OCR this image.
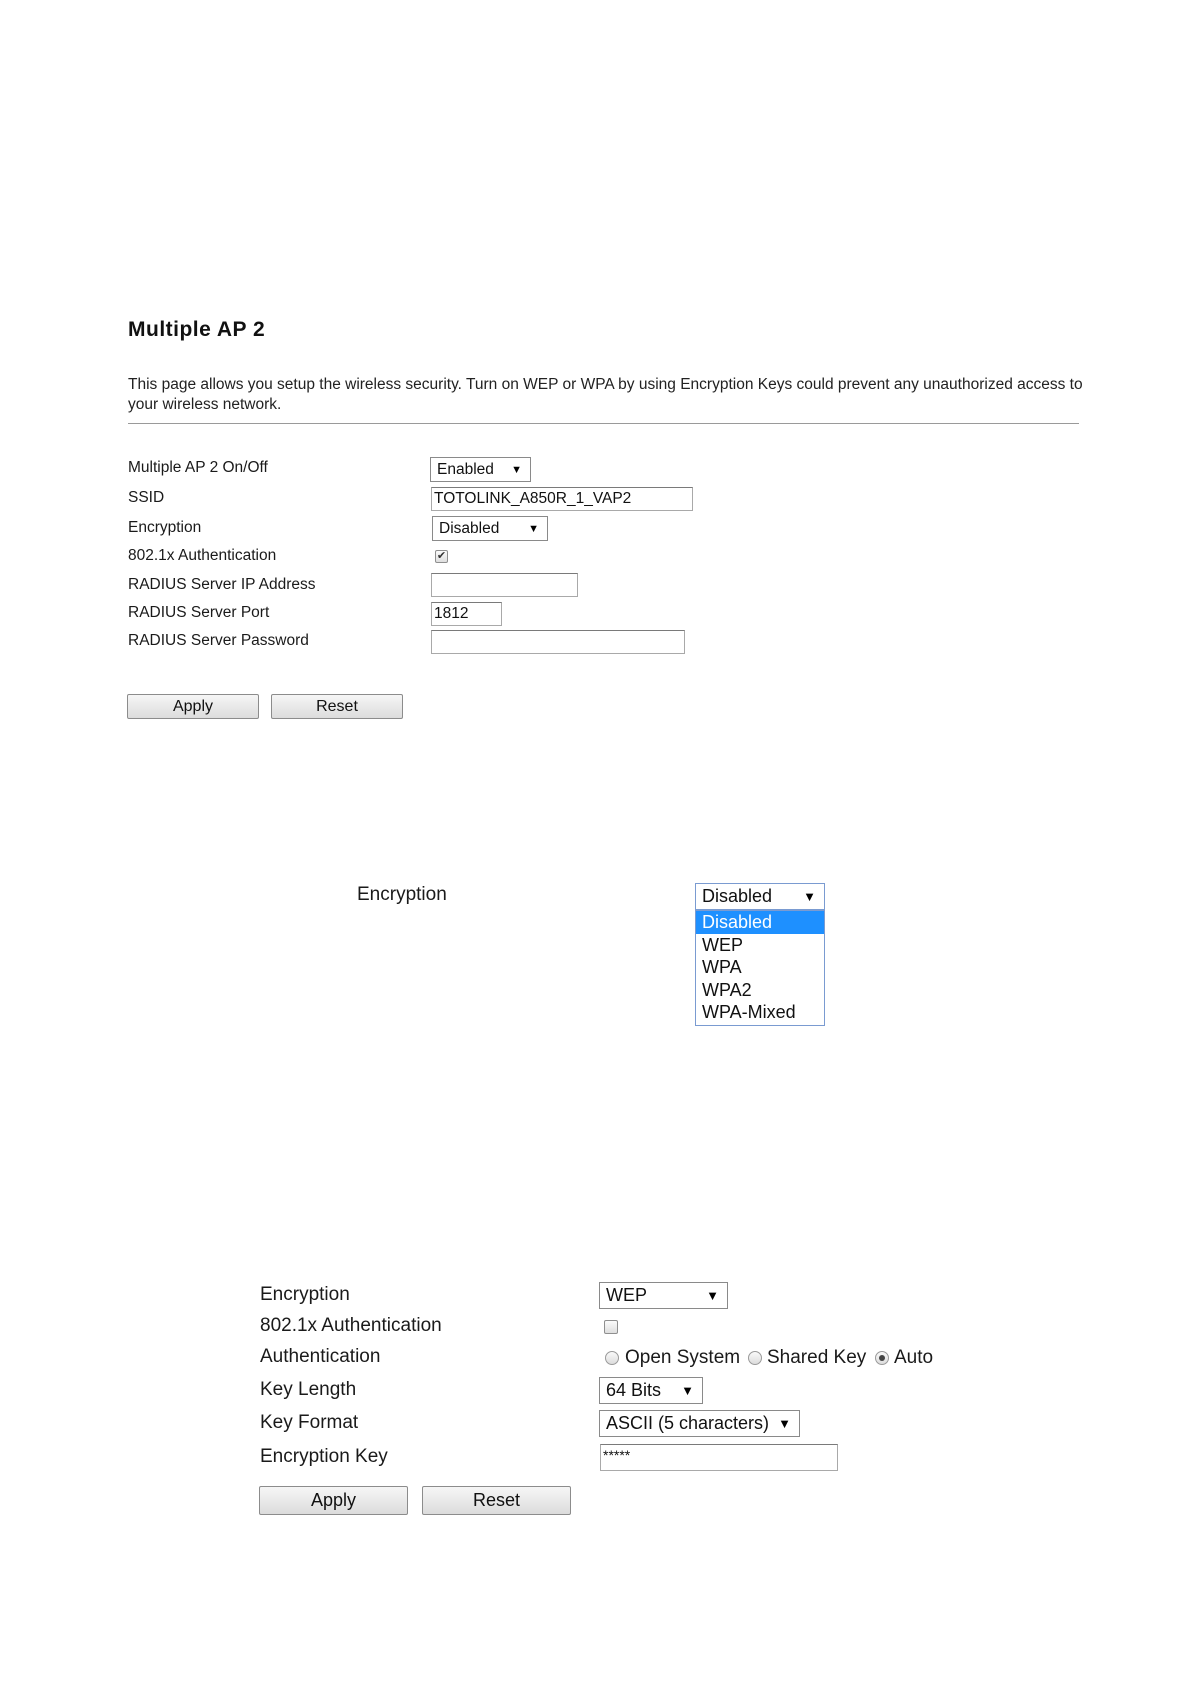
Multiple AP 2
This page allows you setup the wireless security. Turn on WEP or WPA by using Encryption Keys could prevent any unauthorized access to your wireless network.
Multiple AP 2 On/Off	Enabled ▼
SSID	TOTOLINK_A850R_1_VAP2
Encryption	Disabled	▼
802.1x Authentication	✔
RADIUS Server IP Address
RADIUS Server Port	1812
RADIUS Server Password
Apply	Reset
Encryption	Disabled ▼
Disabled
WEP
WPA
WPA2
WPA-Mixed
Encryption	WEP	▼
802.1x Authentication
Authentication	Open System Shared Key Auto
Key Length	64 Bits ▼
Key Format	ASCII (5 characters) ▼
Encryption Key	*****
Apply	Reset
